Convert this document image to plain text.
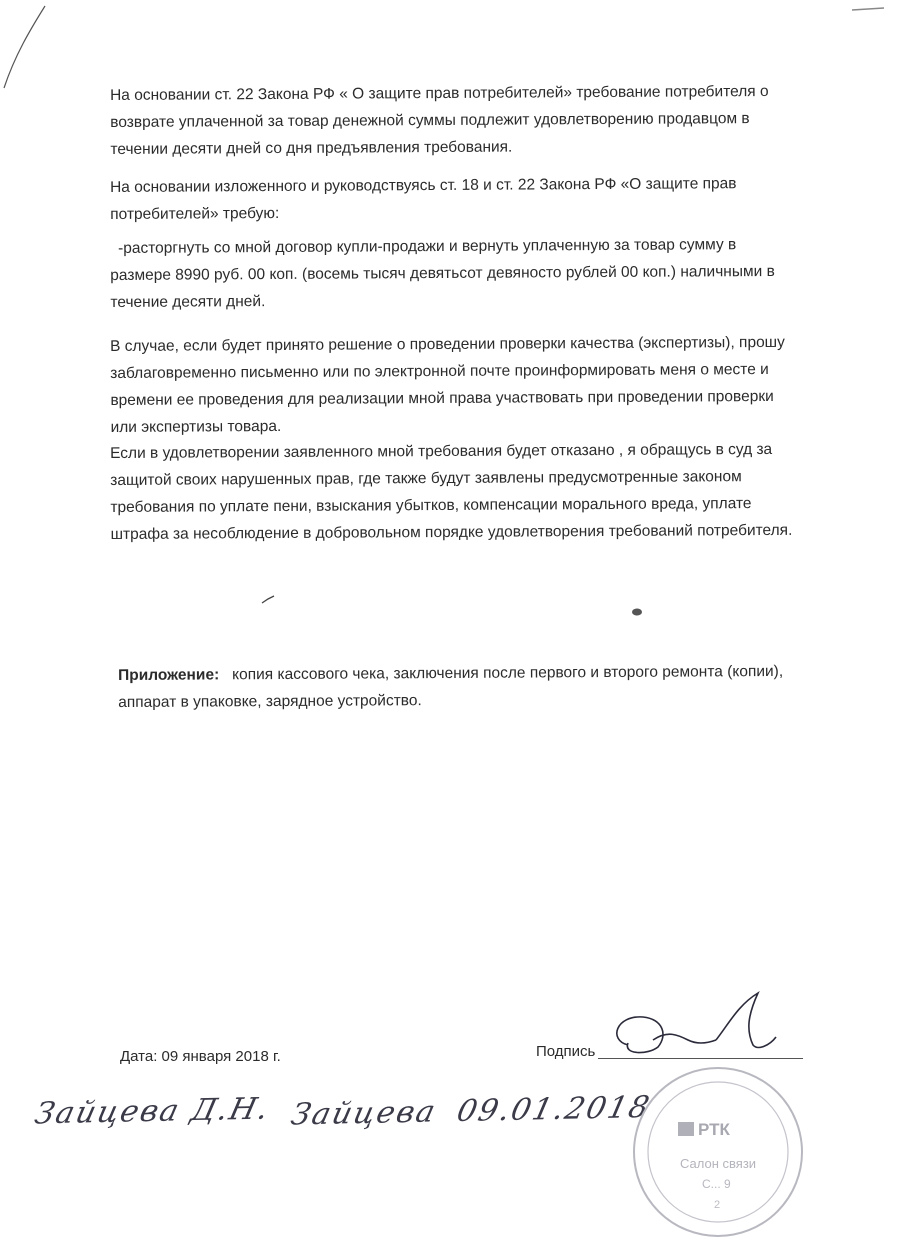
На основании ст. 22 Закона РФ « О защите прав потребителей» требование потребителя о возврате уплаченной за товар денежной суммы подлежит удовлетворению продавцом в течении десяти дней со дня предъявления требования.

На основании изложенного и руководствуясь ст. 18 и ст. 22 Закона РФ «О защите прав потребителей» требую:

-расторгнуть со мной договор купли-продажи и вернуть уплаченную за товар сумму в размере 8990 руб. 00 коп. (восемь тысяч девятьсот девяносто рублей 00 коп.) наличными в течение десяти дней.

В случае, если будет принято решение о проведении проверки качества (экспертизы), прошу заблаговременно письменно или по электронной почте проинформировать меня о месте и времени ее проведения для реализации мной права участвовать при проведении проверки или экспертизы товара.

Если в удовлетворении заявленного мной требования будет отказано , я обращусь в суд за защитой своих нарушенных прав, где также будут заявлены предусмотренные законом требования по уплате пени, взыскания убытков, компенсации морального вреда, уплате штрафа за несоблюдение в добровольном порядке удовлетворения требований потребителя.

Приложение: копия кассового чека, заключения после первого и второго ремонта (копии), аппарат в упаковке, зарядное устройство.

Дата: 09 января 2018 г.	Подпись
Зайцева Д.Н. Зайцева 09.01.2018
РТК
Салон связи
С... 9
2
